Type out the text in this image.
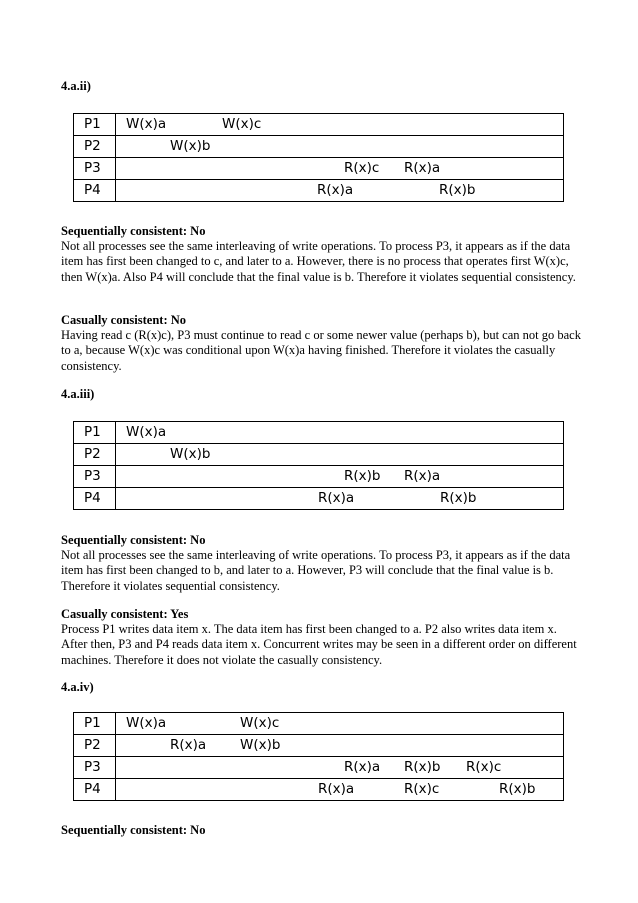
4.a.ii)
P1	W(x)a	W(x)c
P2	W(x)b
P3	R(x)c R(x)a
P4	R(x)a	R(x)b
Sequentially consistent: No
Not all processes see the same interleaving of write operations. To process P3, it appears as if the data item has first been changed to c, and later to a. However, there is no process that operates first W(x)c, then W(x)a. Also P4 will conclude that the final value is b. Therefore it violates sequential consistency.
Casually consistent: No
Having read c (R(x)c), P3 must continue to read c or some newer value (perhaps b), but can not go back to a, because W(x)c was conditional upon W(x)a having finished. Therefore it violates the casually consistency.
4.a.iii)
P1	W(x)a
P2	W(x)b
P3	R(x)b R(x)a
P4	R(x)a	R(x)b
Sequentially consistent: No
Not all processes see the same interleaving of write operations. To process P3, it appears as if the data item has first been changed to b, and later to a. However, P3 will conclude that the final value is b. Therefore it violates sequential consistency.
Casually consistent: Yes
Process P1 writes data item x. The data item has first been changed to a. P2 also writes data item x. After then, P3 and P4 reads data item x. Concurrent writes may be seen in a different order on different machines. Therefore it does not violate the casually consistency.
4.a.iv)
P1	W(x)a	W(x)c
P2	R(x)a	W(x)b
P3	R(x)a R(x)b R(x)c
P4	R(x)a	R(x)c	R(x)b
Sequentially consistent: No
